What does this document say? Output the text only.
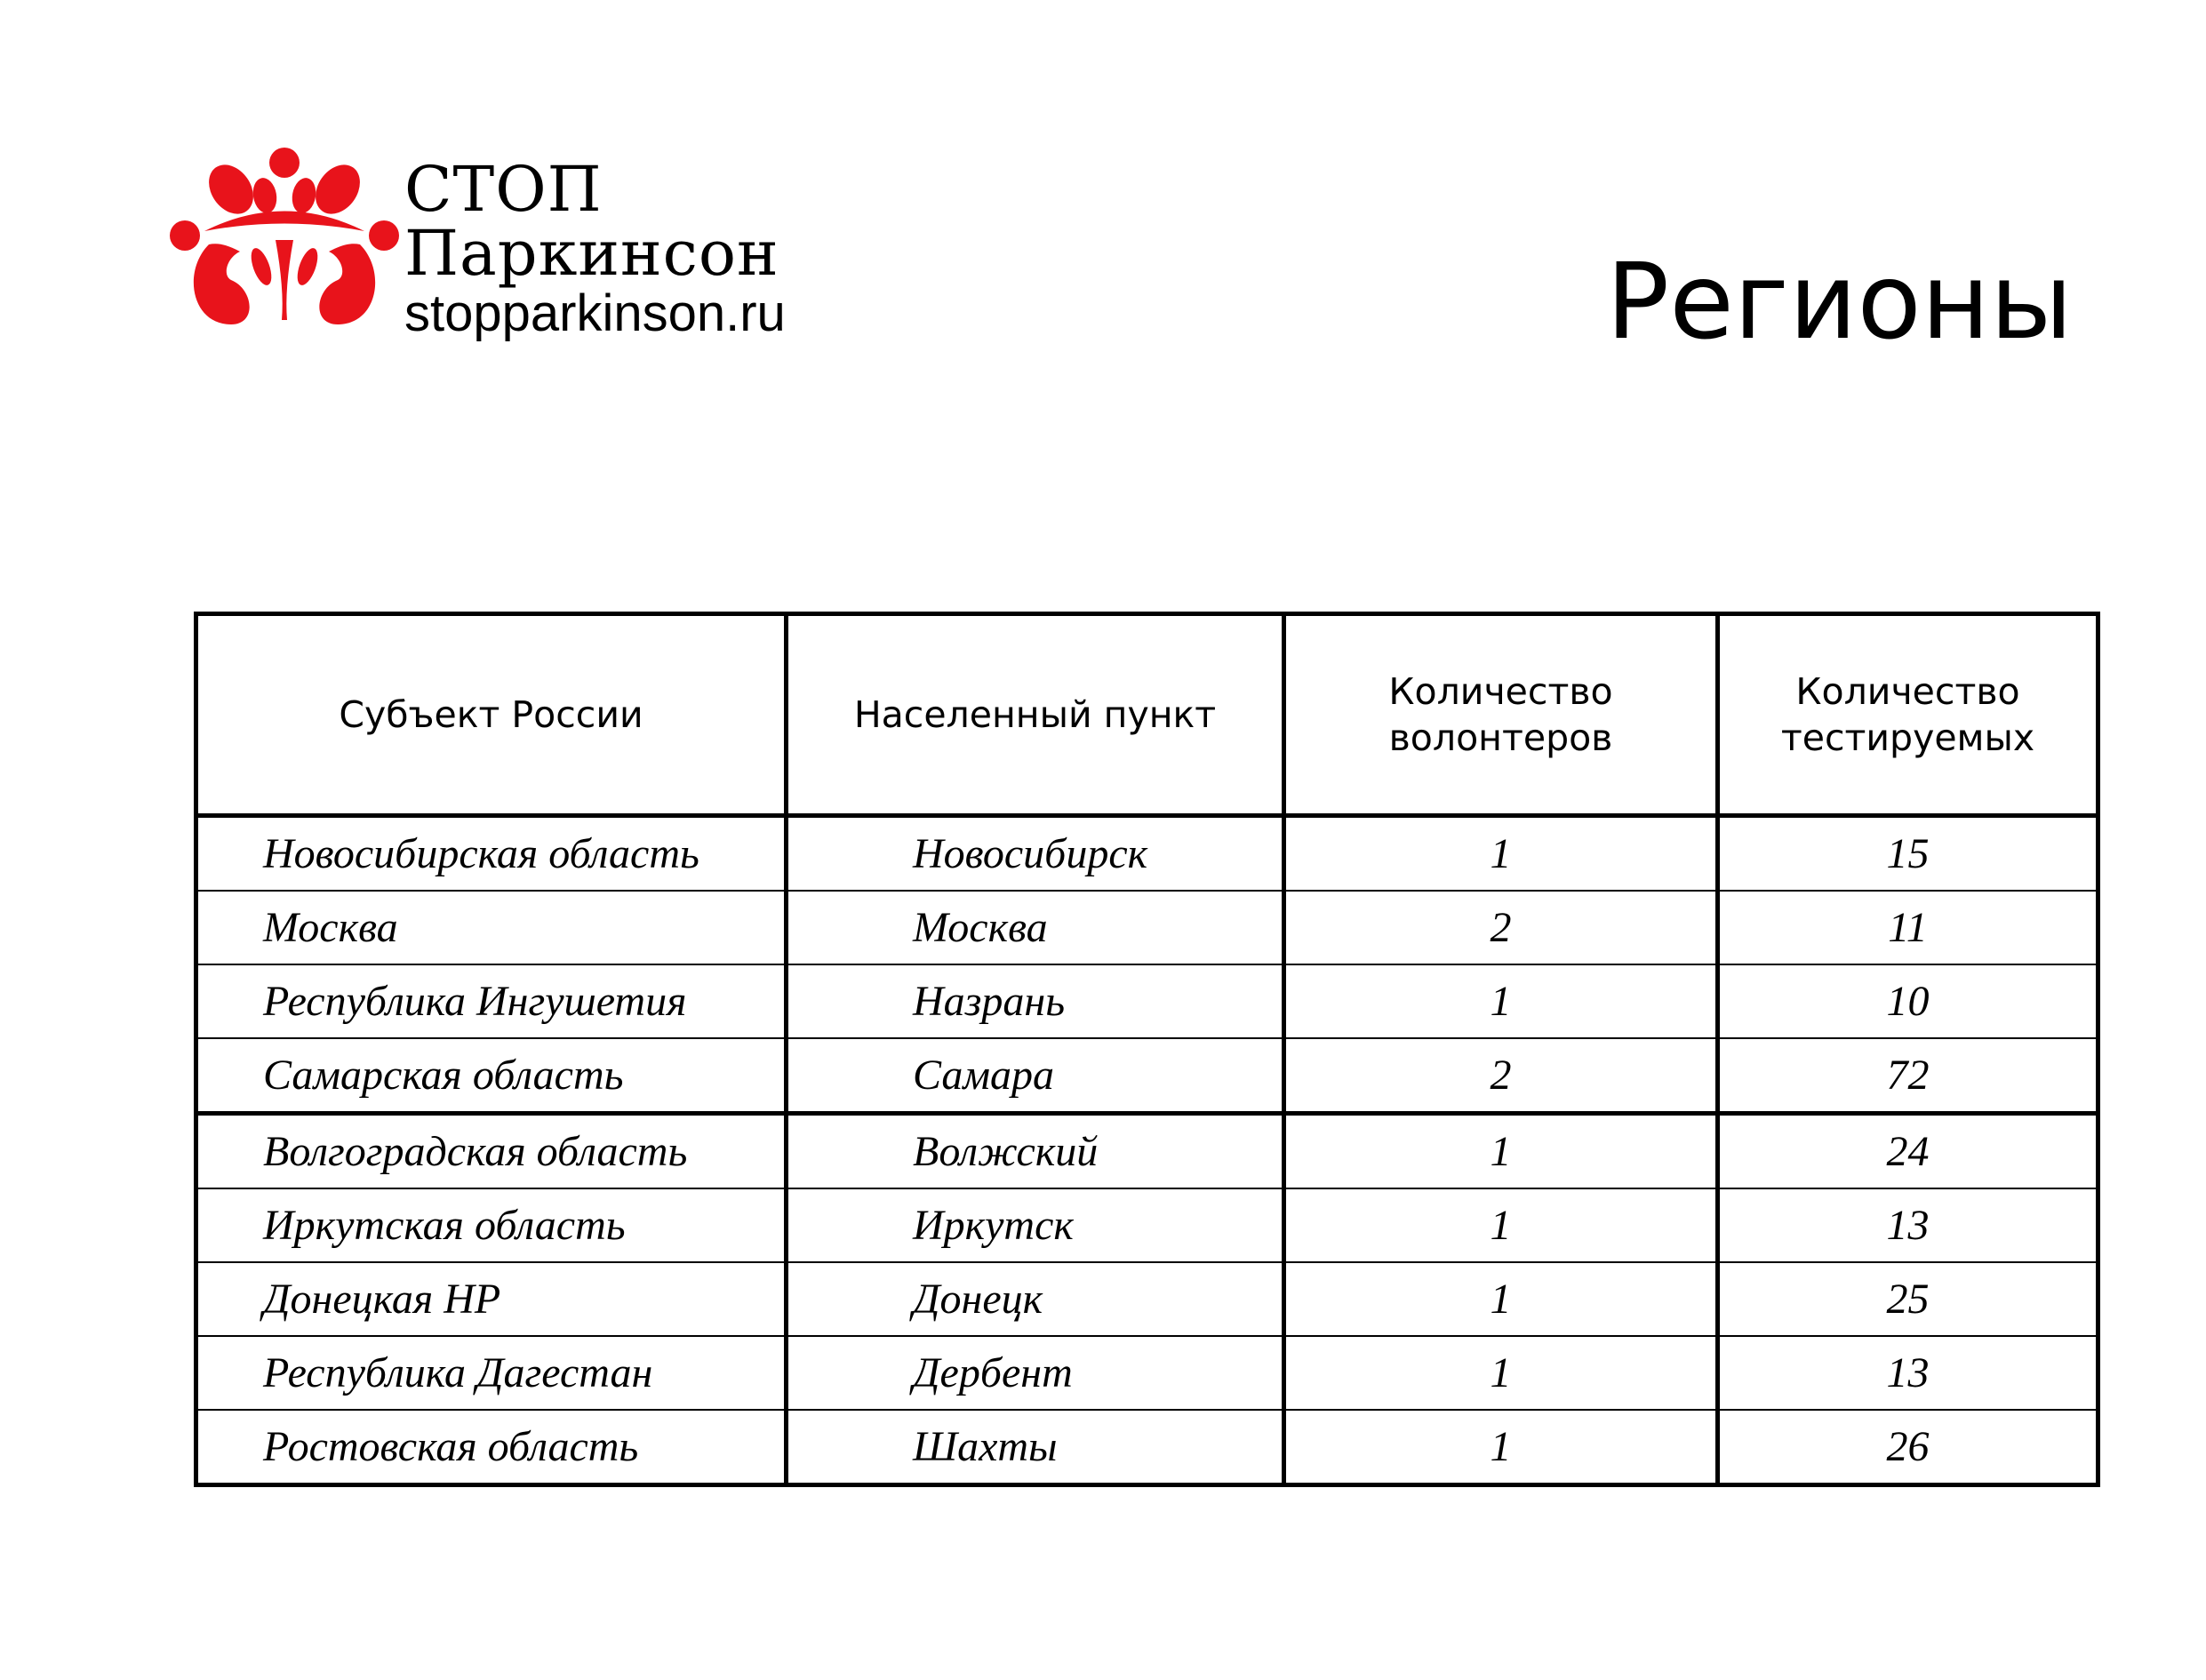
СТОП
Паркинсон
stopparkinson.ru	Регионы
Субъект России	Населенный пункт	Количество волонтеров	Количество тестируемых
Новосибирская область	Новосибирск	1	15
Москва	Москва	2	11
Республика Ингушетия	Назрань	1	10
Самарская область	Самара	2	72
Волгоградская область	Волжский	1	24
Иркутская область	Иркутск	1	13
Донецкая НР	Донецк	1	25
Республика Дагестан	Дербент	1	13
Ростовская область	Шахты	1	26
